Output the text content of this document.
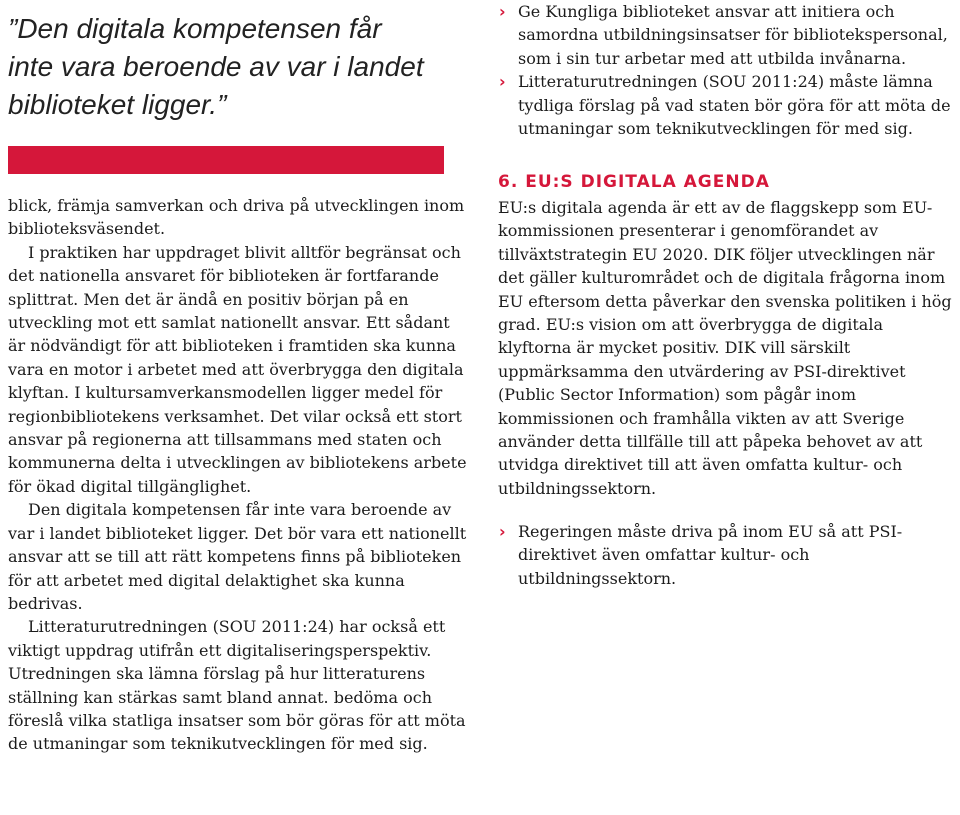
”Den digitala kompetensen får
inte vara beroende av var i landet
biblioteket ligger.”

blick, främja samverkan och driva på utvecklingen inom biblioteksväsendet.

I praktiken har uppdraget blivit alltför begränsat och det nationella ansvaret för biblioteken är fortfarande splittrat. Men det är ändå en positiv början på en utveckling mot ett samlat nationellt ansvar. Ett sådant är nödvändigt för att biblioteken i framtiden ska kunna vara en motor i arbetet med att överbrygga den digitala klyftan. I kultursamverkansmodellen ligger medel för regionbibliotekens verksamhet. Det vilar också ett stort ansvar på regionerna att tillsammans med staten och kommunerna delta i utvecklingen av bibliotekens arbete för ökad digital tillgänglighet.

Den digitala kompetensen får inte vara beroende av var i landet biblioteket ligger. Det bör vara ett nationellt ansvar att se till att rätt kompetens finns på biblioteken för att arbetet med digital delaktighet ska kunna bedrivas.

Litteraturutredningen (SOU 2011:24) har också ett viktigt uppdrag utifrån ett digitaliseringsperspektiv. Utredningen ska lämna förslag på hur litteraturens ställning kan stärkas samt bland annat. bedöma och föreslå vilka statliga insatser som bör göras för att möta de utmaningar som teknikutvecklingen för med sig.

› Ge Kungliga biblioteket ansvar att initiera och samordna utbildningsinsatser för bibliotekspersonal, som i sin tur arbetar med att utbilda invånarna.
› Litteraturutredningen (SOU 2011:24) måste lämna tydliga förslag på vad staten bör göra för att möta de utmaningar som teknikutvecklingen för med sig.
6. EU:S DIGITALA AGENDA

EU:s digitala agenda är ett av de flaggskepp som EU-kommissionen presenterar i genomförandet av tillväxtstrategin EU 2020. DIK följer utvecklingen när det gäller kulturområdet och de digitala frågorna inom EU eftersom detta påverkar den svenska politiken i hög grad. EU:s vision om att överbrygga de digitala klyftorna är mycket positiv. DIK vill särskilt uppmärksamma den utvärdering av PSI-direktivet (Public Sector Information) som pågår inom kommissionen och framhålla vikten av att Sverige använder detta tillfälle till att påpeka behovet av att utvidga direktivet till att även omfatta kultur- och utbildningssektorn.

› Regeringen måste driva på inom EU så att PSI-direktivet även omfattar kultur- och utbildningssektorn.
